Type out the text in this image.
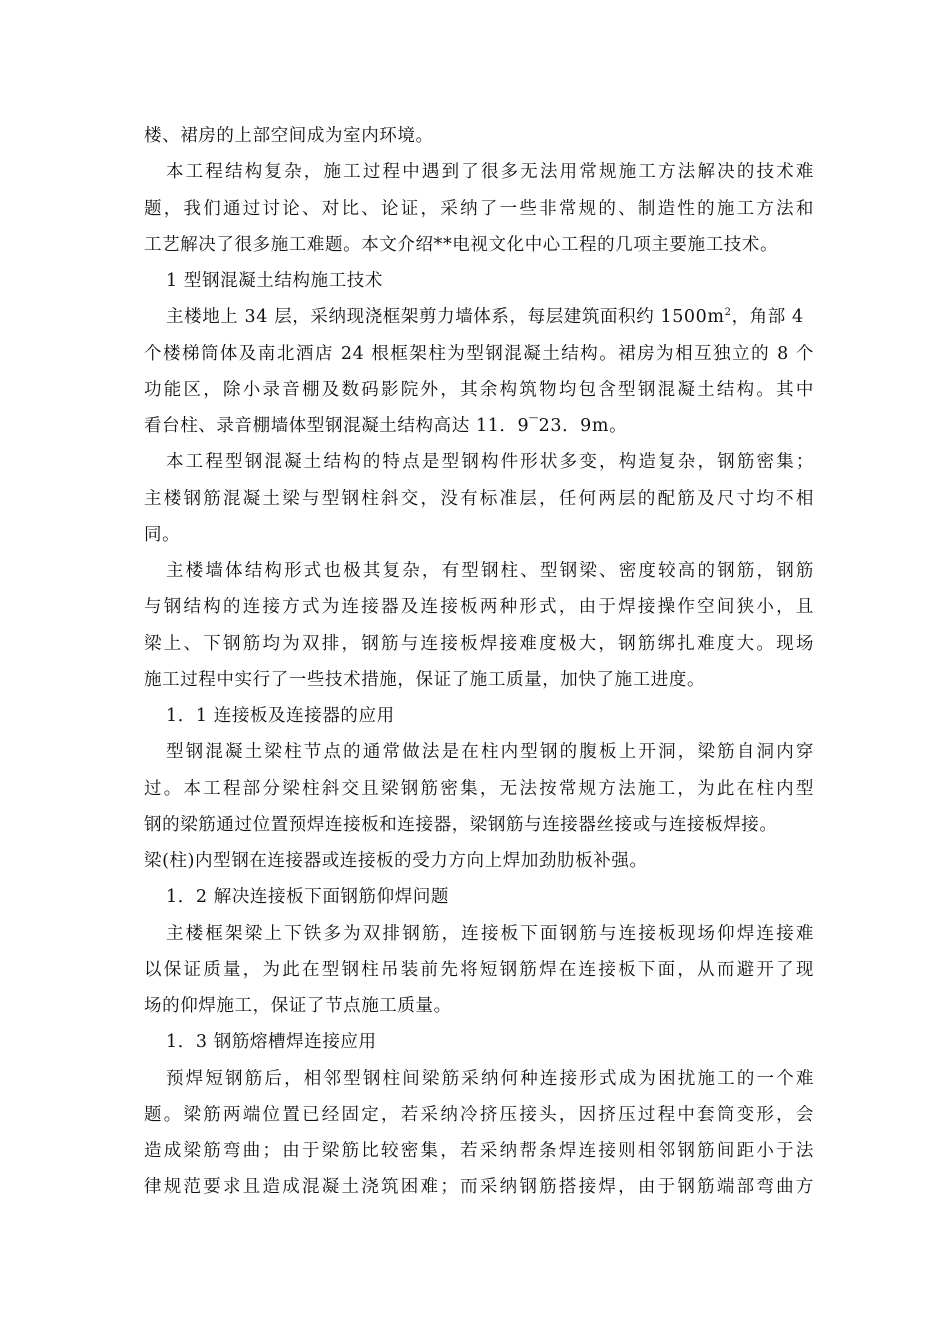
楼、裙房的上部空间成为室内环境。
本工程结构复杂，施工过程中遇到了很多无法用常规施工方法解决的技术难
题，我们通过讨论、对比、论证，采纳了一些非常规的、制造性的施工方法和
工艺解决了很多施工难题。本文介绍**电视文化中心工程的几项主要施工技术。
1 型钢混凝土结构施工技术
主楼地上 34 层，采纳现浇框架剪力墙体系，每层建筑面积约 $1500m^2$，角部 4
个楼梯筒体及南北酒店 24 根框架柱为型钢混凝土结构。裙房为相互独立的 8 个
功能区，除小录音棚及数码影院外，其余构筑物均包含型钢混凝土结构。其中
看台柱、录音棚墙体型钢混凝土结构高达 11．9‾23．9m。
本工程型钢混凝土结构的特点是型钢构件形状多变，构造复杂，钢筋密集；
主楼钢筋混凝土梁与型钢柱斜交，没有标准层，任何两层的配筋及尺寸均不相
同。
主楼墙体结构形式也极其复杂，有型钢柱、型钢梁、密度较高的钢筋，钢筋
与钢结构的连接方式为连接器及连接板两种形式，由于焊接操作空间狭小，且
梁上、下钢筋均为双排，钢筋与连接板焊接难度极大，钢筋绑扎难度大。现场
施工过程中实行了一些技术措施，保证了施工质量，加快了施工进度。
1．1 连接板及连接器的应用
型钢混凝土梁柱节点的通常做法是在柱内型钢的腹板上开洞，梁筋自洞内穿
过。本工程部分梁柱斜交且梁钢筋密集，无法按常规方法施工，为此在柱内型
钢的梁筋通过位置预焊连接板和连接器，梁钢筋与连接器丝接或与连接板焊接。
梁(柱)内型钢在连接器或连接板的受力方向上焊加劲肋板补强。
1．2 解决连接板下面钢筋仰焊问题
主楼框架梁上下铁多为双排钢筋，连接板下面钢筋与连接板现场仰焊连接难
以保证质量，为此在型钢柱吊装前先将短钢筋焊在连接板下面，从而避开了现
场的仰焊施工，保证了节点施工质量。
1．3 钢筋熔槽焊连接应用
预焊短钢筋后，相邻型钢柱间梁筋采纳何种连接形式成为困扰施工的一个难
题。梁筋两端位置已经固定，若采纳冷挤压接头，因挤压过程中套筒变形，会
造成梁筋弯曲；由于梁筋比较密集，若采纳帮条焊连接则相邻钢筋间距小于法
律规范要求且造成混凝土浇筑困难；而采纳钢筋搭接焊，由于钢筋端部弯曲方
